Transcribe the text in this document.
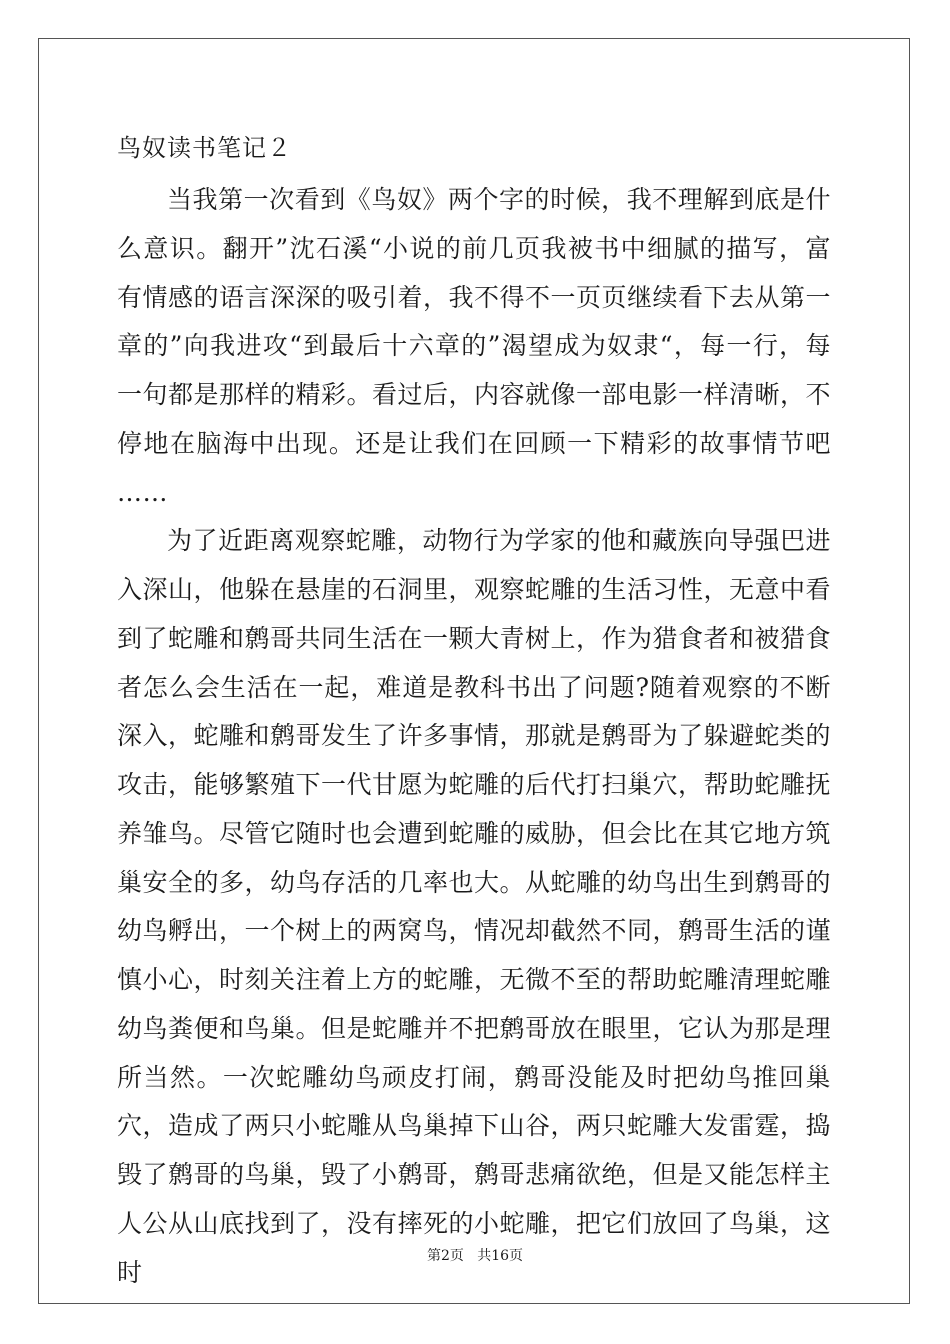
鸟奴读书笔记２

当我第一次看到《鸟奴》两个字的时候，我不理解到底是什么意识。翻开”沈石溪“小说的前几页我被书中细腻的描写，富有情感的语言深深的吸引着，我不得不一页页继续看下去从第一章的”向我进攻“到最后十六章的”渴望成为奴隶“，每一行，每一句都是那样的精彩。看过后，内容就像一部电影一样清晰，不停地在脑海中出现。还是让我们在回顾一下精彩的故事情节吧 ……

为了近距离观察蛇雕，动物行为学家的他和藏族向导强巴进入深山，他躲在悬崖的石洞里，观察蛇雕的生活习性，无意中看到了蛇雕和鹩哥共同生活在一颗大青树上，作为猎食者和被猎食者怎么会生活在一起，难道是教科书出了问题?随着观察的不断深入，蛇雕和鹩哥发生了许多事情，那就是鹩哥为了躲避蛇类的攻击，能够繁殖下一代甘愿为蛇雕的后代打扫巢穴，帮助蛇雕抚养雏鸟。尽管它随时也会遭到蛇雕的威胁，但会比在其它地方筑巢安全的多，幼鸟存活的几率也大。从蛇雕的幼鸟出生到鹩哥的幼鸟孵出，一个树上的两窝鸟，情况却截然不同，鹩哥生活的谨慎小心，时刻关注着上方的蛇雕，无微不至的帮助蛇雕清理蛇雕幼鸟粪便和鸟巢。但是蛇雕并不把鹩哥放在眼里，它认为那是理所当然。一次蛇雕幼鸟顽皮打闹，鹩哥没能及时把幼鸟推回巢穴，造成了两只小蛇雕从鸟巢掉下山谷，两只蛇雕大发雷霆，捣毁了鹩哥的鸟巢，毁了小鹩哥，鹩哥悲痛欲绝，但是又能怎样主人公从山底找到了，没有摔死的小蛇雕，把它们放回了鸟巢，这时

第2页   共16页
